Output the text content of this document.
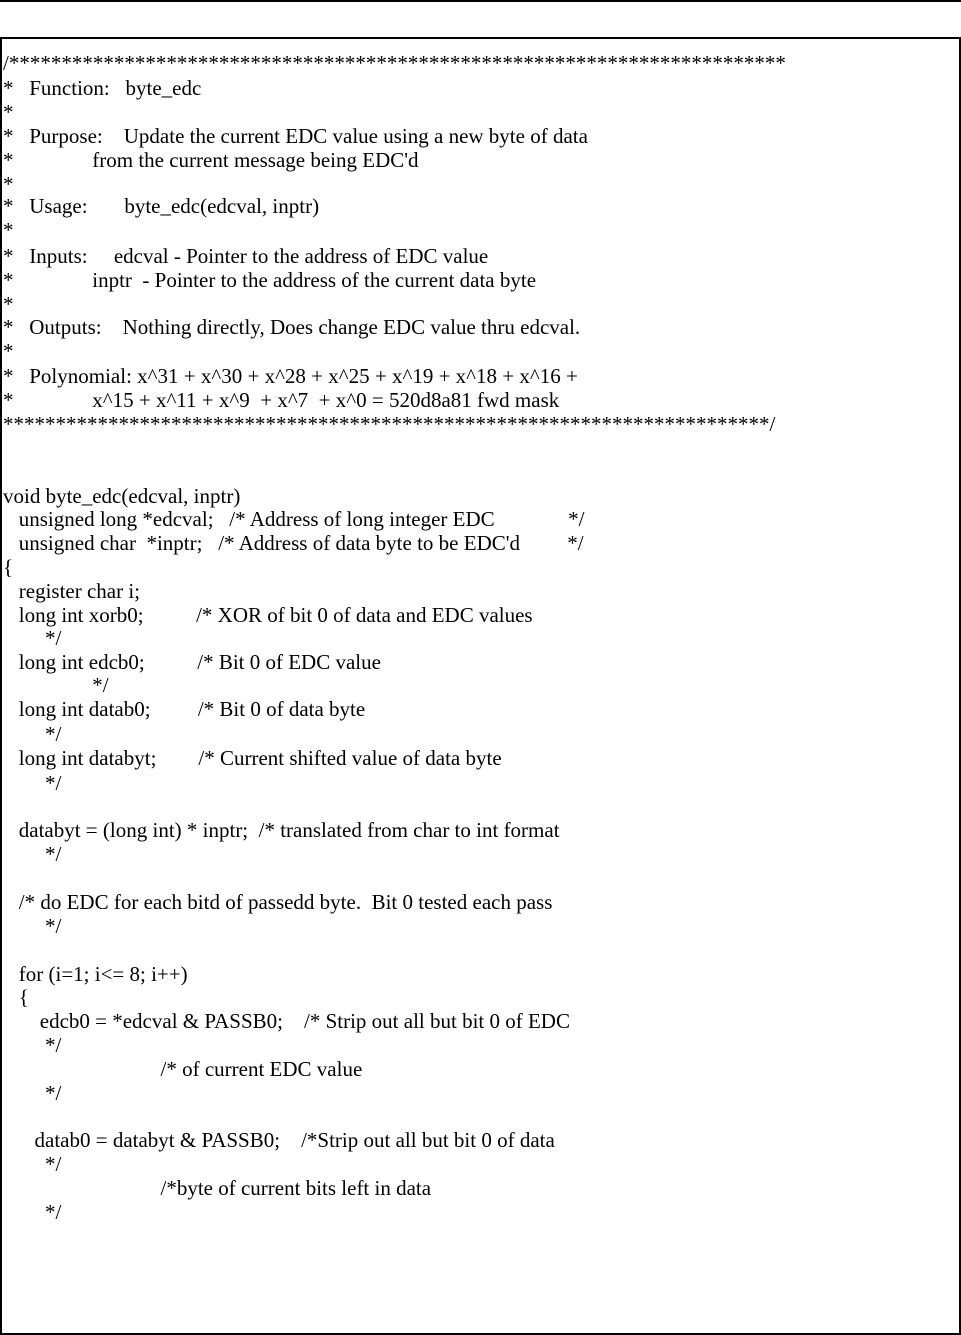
/**************************************************************************
*   Function:   byte_edc
*
*   Purpose:    Update the current EDC value using a new byte of data
*               from the current message being EDC'd
*
*   Usage:       byte_edc(edcval, inptr)
*
*   Inputs:     edcval - Pointer to the address of EDC value
*               inptr  - Pointer to the address of the current data byte
*
*   Outputs:    Nothing directly, Does change EDC value thru edcval.
*
*   Polynomial: x^31 + x^30 + x^28 + x^25 + x^19 + x^18 + x^16 +
*               x^15 + x^11 + x^9  + x^7  + x^0 = 520d8a81 fwd mask
*************************************************************************/
void byte_edc(edcval, inptr)
unsigned long *edcval;   /* Address of long integer EDC              */
unsigned char  *inptr;   /* Address of data byte to be EDC'd         */
{
register char i;
long int xorb0;          /* XOR of bit 0 of data and EDC values
*/
long int edcb0;          /* Bit 0 of EDC value
*/
long int datab0;         /* Bit 0 of data byte
*/
long int databyt;        /* Current shifted value of data byte
*/
databyt = (long int) * inptr;  /* translated from char to int format
*/
/* do EDC for each bitd of passedd byte.  Bit 0 tested each pass
*/
for (i=1; i<= 8; i++)
{
edcb0 = *edcval & PASSB0;    /* Strip out all but bit 0 of EDC
*/
/* of current EDC value
*/
datab0 = databyt & PASSB0;    /*Strip out all but bit 0 of data
*/
/*byte of current bits left in data
*/
